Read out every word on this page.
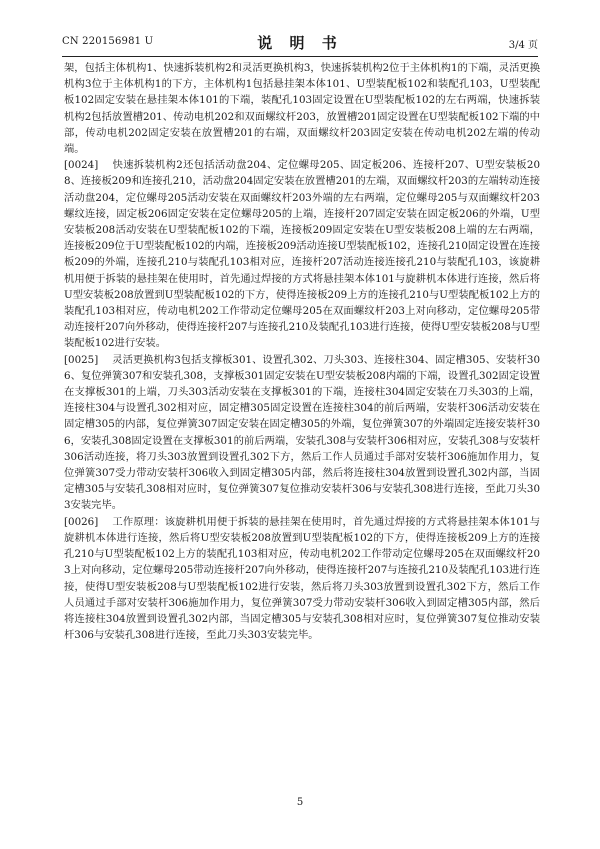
CN 220156981 U	说 明 书	3/4 页

架，包括主体机构1、快速拆装机构2和灵活更换机构3，快速拆装机构2位于主体机构1的下端，灵活更换机构3位于主体机构1的下方，主体机构1包括悬挂架本体101、U型装配板102和装配孔103，U型装配板102固定安装在悬挂架本体101的下端，装配孔103固定设置在U型装配板102的左右两端，快速拆装机构2包括放置槽201、传动电机202和双面螺纹杆203，放置槽201固定设置在U型装配板102下端的中部，传动电机202固定安装在放置槽201的右端，双面螺纹杆203固定安装在传动电机202左端的传动端。

[0024] 快速拆装机构2还包括活动盘204、定位螺母205、固定板206、连接杆207、U型安装板208、连接板209和连接孔210，活动盘204固定安装在放置槽201的左端，双面螺纹杆203的左端转动连接活动盘204，定位螺母205活动安装在双面螺纹杆203外端的左右两端，定位螺母205与双面螺纹杆203螺纹连接，固定板206固定安装在定位螺母205的上端，连接杆207固定安装在固定板206的外端，U型安装板208活动安装在U型装配板102的下端，连接板209固定安装在U型安装板208上端的左右两端，连接板209位于U型装配板102的内端，连接板209活动连接U型装配板102，连接孔210固定设置在连接板209的外端，连接孔210与装配孔103相对应，连接杆207活动连接连接孔210与装配孔103，该旋耕机用便于拆装的悬挂架在使用时，首先通过焊接的方式将悬挂架本体101与旋耕机本体进行连接，然后将U型安装板208放置到U型装配板102的下方，使得连接板209上方的连接孔210与U型装配板102上方的装配孔103相对应，传动电机202工作带动定位螺母205在双面螺纹杆203上对向移动，定位螺母205带动连接杆207向外移动，使得连接杆207与连接孔210及装配孔103进行连接，使得U型安装板208与U型装配板102进行安装。

[0025] 灵活更换机构3包括支撑板301、设置孔302、刀头303、连接柱304、固定槽305、安装杆306、复位弹簧307和安装孔308，支撑板301固定安装在U型安装板208内端的下端，设置孔302固定设置在支撑板301的上端，刀头303活动安装在支撑板301的下端，连接柱304固定安装在刀头303的上端，连接柱304与设置孔302相对应，固定槽305固定设置在连接柱304的前后两端，安装杆306活动安装在固定槽305的内部，复位弹簧307固定安装在固定槽305的外端，复位弹簧307的外端固定连接安装杆306，安装孔308固定设置在支撑板301的前后两端，安装孔308与安装杆306相对应，安装孔308与安装杆306活动连接，将刀头303放置到设置孔302下方，然后工作人员通过手部对安装杆306施加作用力，复位弹簧307受力带动安装杆306收入到固定槽305内部，然后将连接柱304放置到设置孔302内部，当固定槽305与安装孔308相对应时，复位弹簧307复位推动安装杆306与安装孔308进行连接，至此刀头303安装完毕。

[0026] 工作原理：该旋耕机用便于拆装的悬挂架在使用时，首先通过焊接的方式将悬挂架本体101与旋耕机本体进行连接，然后将U型安装板208放置到U型装配板102的下方，使得连接板209上方的连接孔210与U型装配板102上方的装配孔103相对应，传动电机202工作带动定位螺母205在双面螺纹杆203上对向移动，定位螺母205带动连接杆207向外移动，使得连接杆207与连接孔210及装配孔103进行连接，使得U型安装板208与U型装配板102进行安装，然后将刀头303放置到设置孔302下方，然后工作人员通过手部对安装杆306施加作用力，复位弹簧307受力带动安装杆306收入到固定槽305内部，然后将连接柱304放置到设置孔302内部，当固定槽305与安装孔308相对应时，复位弹簧307复位推动安装杆306与安装孔308进行连接，至此刀头303安装完毕。

5
